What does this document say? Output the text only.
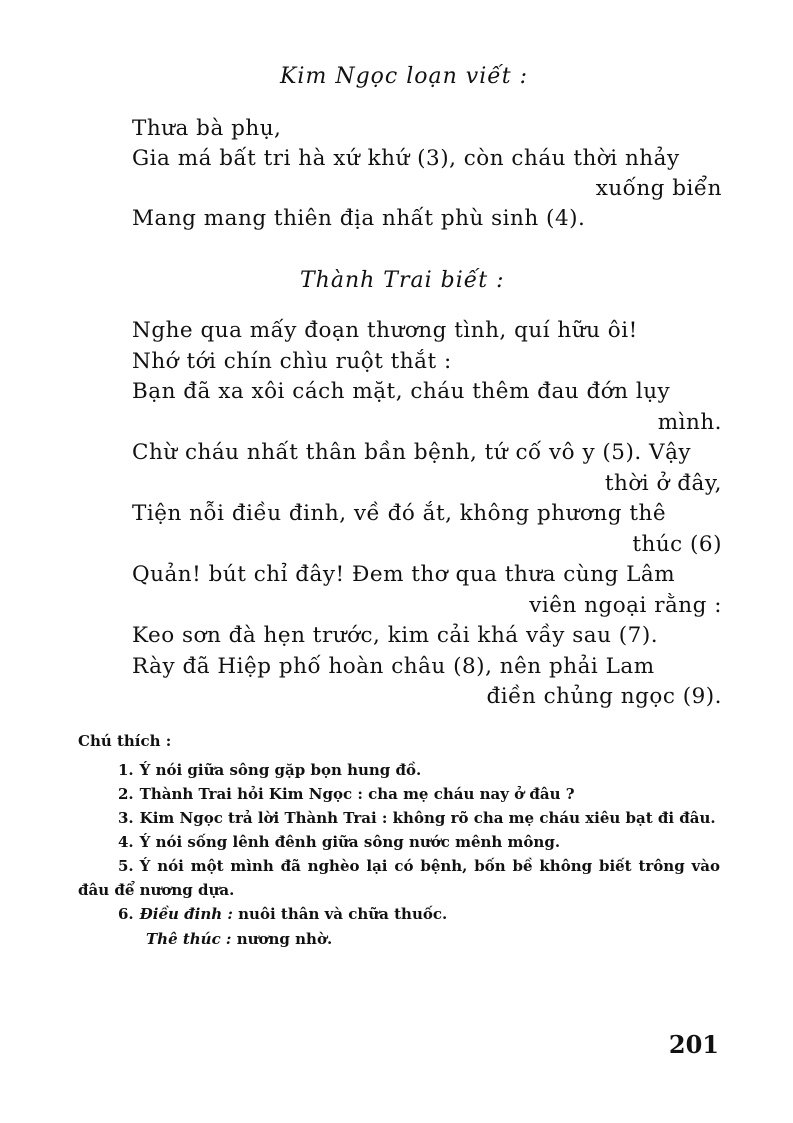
Kim Ngọc loạn viết :
Thưa bà phụ,
Gia má bất tri hà xứ khứ (3), còn cháu thời nhảy
xuống biển
Mang mang thiên địa nhất phù sinh (4).
Thành Trai biết :
Nghe qua mấy đoạn thương tình, quí hữu ôi!
Nhớ tới chín chìu ruột thắt :
Bạn đã xa xôi cách mặt, cháu thêm đau đớn lụy
mình.
Chừ cháu nhất thân bần bệnh, tứ cố vô y (5). Vậy
thời ở đây,
Tiện nỗi điều đinh, về đó ắt, không phương thê
thúc (6)
Quản! bút chỉ đây! Đem thơ qua thưa cùng Lâm
viên ngoại rằng :
Keo sơn đà hẹn trước, kim cải khá vầy sau (7).
Rày đã Hiệp phố hoàn châu (8), nên phải Lam
điền chủng ngọc (9).
Chú thích :
1. Ý nói giữa sông gặp bọn hung đồ.
2. Thành Trai hỏi Kim Ngọc : cha mẹ cháu nay ở đâu ?
3. Kim Ngọc trả lời Thành Trai : không rõ cha mẹ cháu xiêu bạt đi đâu.
4. Ý nói sống lênh đênh giữa sông nước mênh mông.
5. Ý nói một mình đã nghèo lại có bệnh, bốn bề không biết trông vào đâu để nương dựa.
6. Điều đinh : nuôi thân và chữa thuốc.
Thê thúc : nương nhờ.
201
